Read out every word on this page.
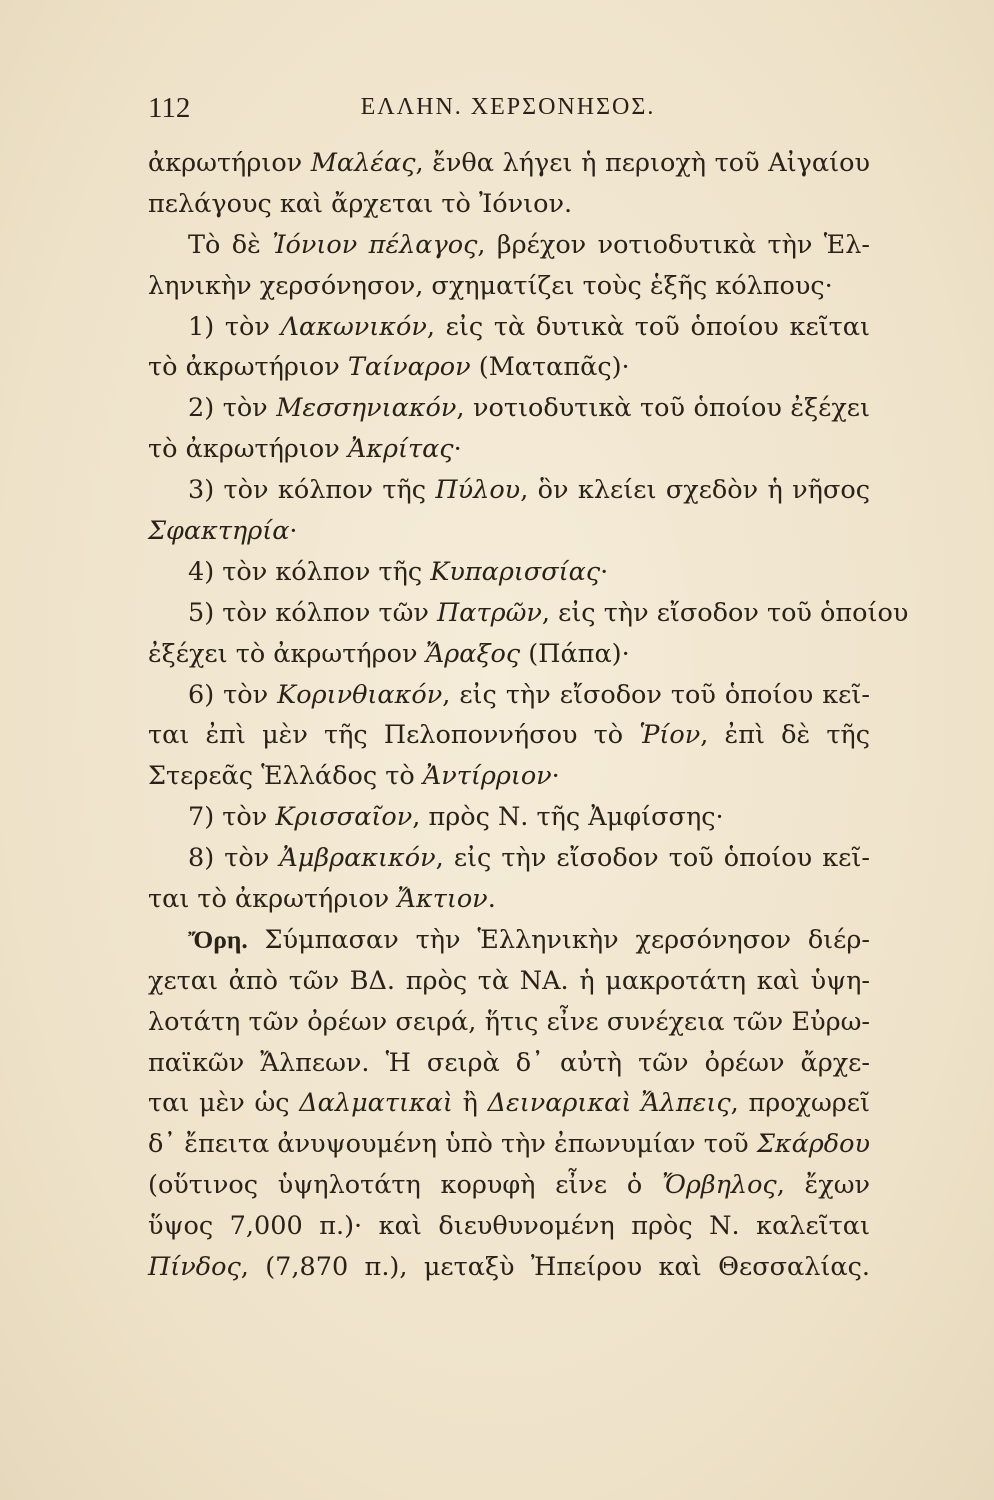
112	ΕΛΛΗΝ. ΧΕΡΣΟΝΗΣΟΣ.
ἀκρωτήριον Μαλέας, ἔνθα λήγει ἡ περιοχὴ τοῦ Αἰγαίου
πελάγους καὶ ἄρχεται τὸ Ἰόνιον.
Τὸ δὲ Ἰόνιον πέλαγος, βρέχον νοτιοδυτικὰ τὴν Ἑλ-
ληνικὴν χερσόνησον, σχηματίζει τοὺς ἑξῆς κόλπους·
1) τὸν Λακωνικόν, εἰς τὰ δυτικὰ τοῦ ὁποίου κεῖται
τὸ ἀκρωτήριον Ταίναρον (Ματαπᾶς)·
2) τὸν Μεσσηνιακόν, νοτιοδυτικὰ τοῦ ὁποίου ἐξέχει
τὸ ἀκρωτήριον Ἀκρίτας·
3) τὸν κόλπον τῆς Πύλου, ὃν κλείει σχεδὸν ἡ νῆσος
Σφακτηρία·
4) τὸν κόλπον τῆς Κυπαρισσίας·
5) τὸν κόλπον τῶν Πατρῶν, εἰς τὴν εἴσοδον τοῦ ὁποίου
ἐξέχει τὸ ἀκρωτήρον Ἄραξος (Πάπα)·
6) τὸν Κορινθιακόν, εἰς τὴν εἴσοδον τοῦ ὁποίου κεῖ-
ται ἐπὶ μὲν τῆς Πελοποννήσου τὸ Ῥίον, ἐπὶ δὲ τῆς
Στερεᾶς Ἑλλάδος τὸ Ἀντίρριον·
7) τὸν Κρισσαῖον, πρὸς Ν. τῆς Ἀμφίσσης·
8) τὸν Ἀμβρακικόν, εἰς τὴν εἴσοδον τοῦ ὁποίου κεῖ-
ται τὸ ἀκρωτήριον Ἄκτιον.
Ὄρη. Σύμπασαν τὴν Ἑλληνικὴν χερσόνησον διέρ-
χεται ἀπὸ τῶν ΒΔ. πρὸς τὰ ΝΑ. ἡ μακροτάτη καὶ ὑψη-
λοτάτη τῶν ὀρέων σειρά, ἥτις εἶνε συνέχεια τῶν Εὐρω-
παϊκῶν Ἄλπεων. Ἡ σειρὰ δ᾽ αὐτὴ τῶν ὀρέων ἄρχε-
ται μὲν ὡς Δαλματικαὶ ἢ Δειναρικαὶ Ἄλπεις, προχωρεῖ
δ᾽ ἔπειτα ἀνυψουμένη ὑπὸ τὴν ἐπωνυμίαν τοῦ Σκάρδου
(οὕτινος ὑψηλοτάτη κορυφὴ εἶνε ὁ Ὄρβηλος, ἔχων
ὕψος 7,000 π.)· καὶ διευθυνομένη πρὸς Ν. καλεῖται
Πίνδος, (7,870 π.), μεταξὺ Ἠπείρου καὶ Θεσσαλίας.
